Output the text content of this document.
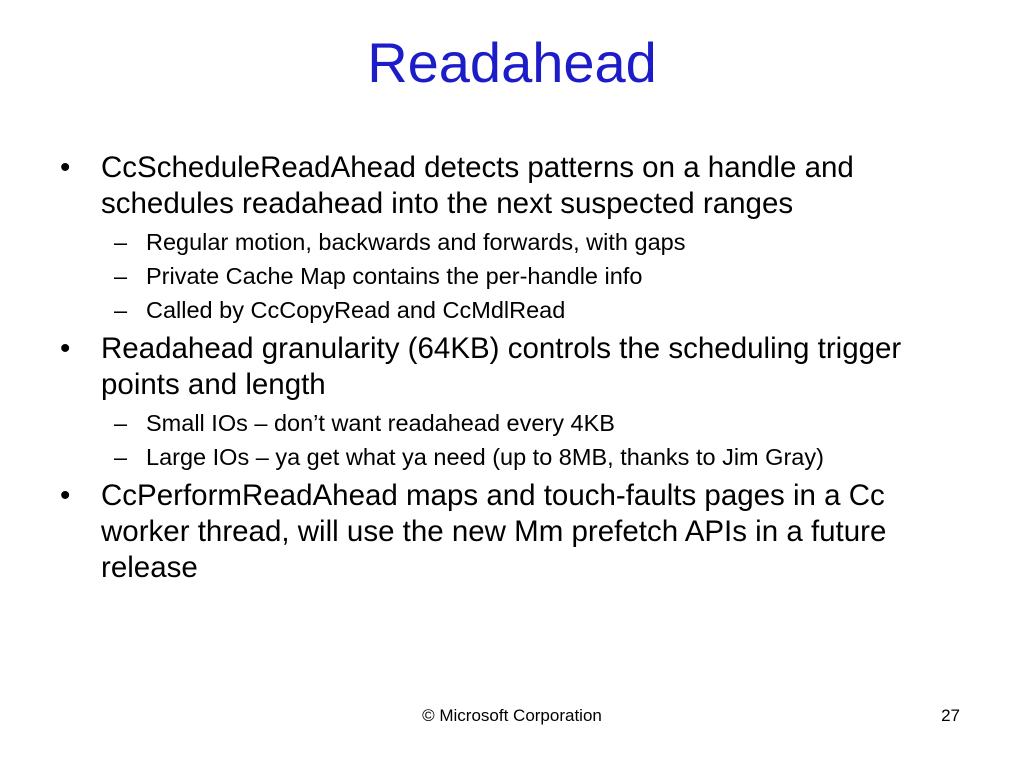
Readahead
•	CcScheduleReadAhead detects patterns on a handle and schedules readahead into the next suspected ranges
– Regular motion, backwards and forwards, with gaps
– Private Cache Map contains the per-handle info
– Called by CcCopyRead and CcMdlRead
•	Readahead granularity (64KB) controls the scheduling trigger points and length
– Small IOs – don’t want readahead every 4KB
– Large IOs – ya get what ya need (up to 8MB, thanks to Jim Gray)
•	CcPerformReadAhead maps and touch-faults pages in a Cc worker thread, will use the new Mm prefetch APIs in a future release
© Microsoft Corporation	27
